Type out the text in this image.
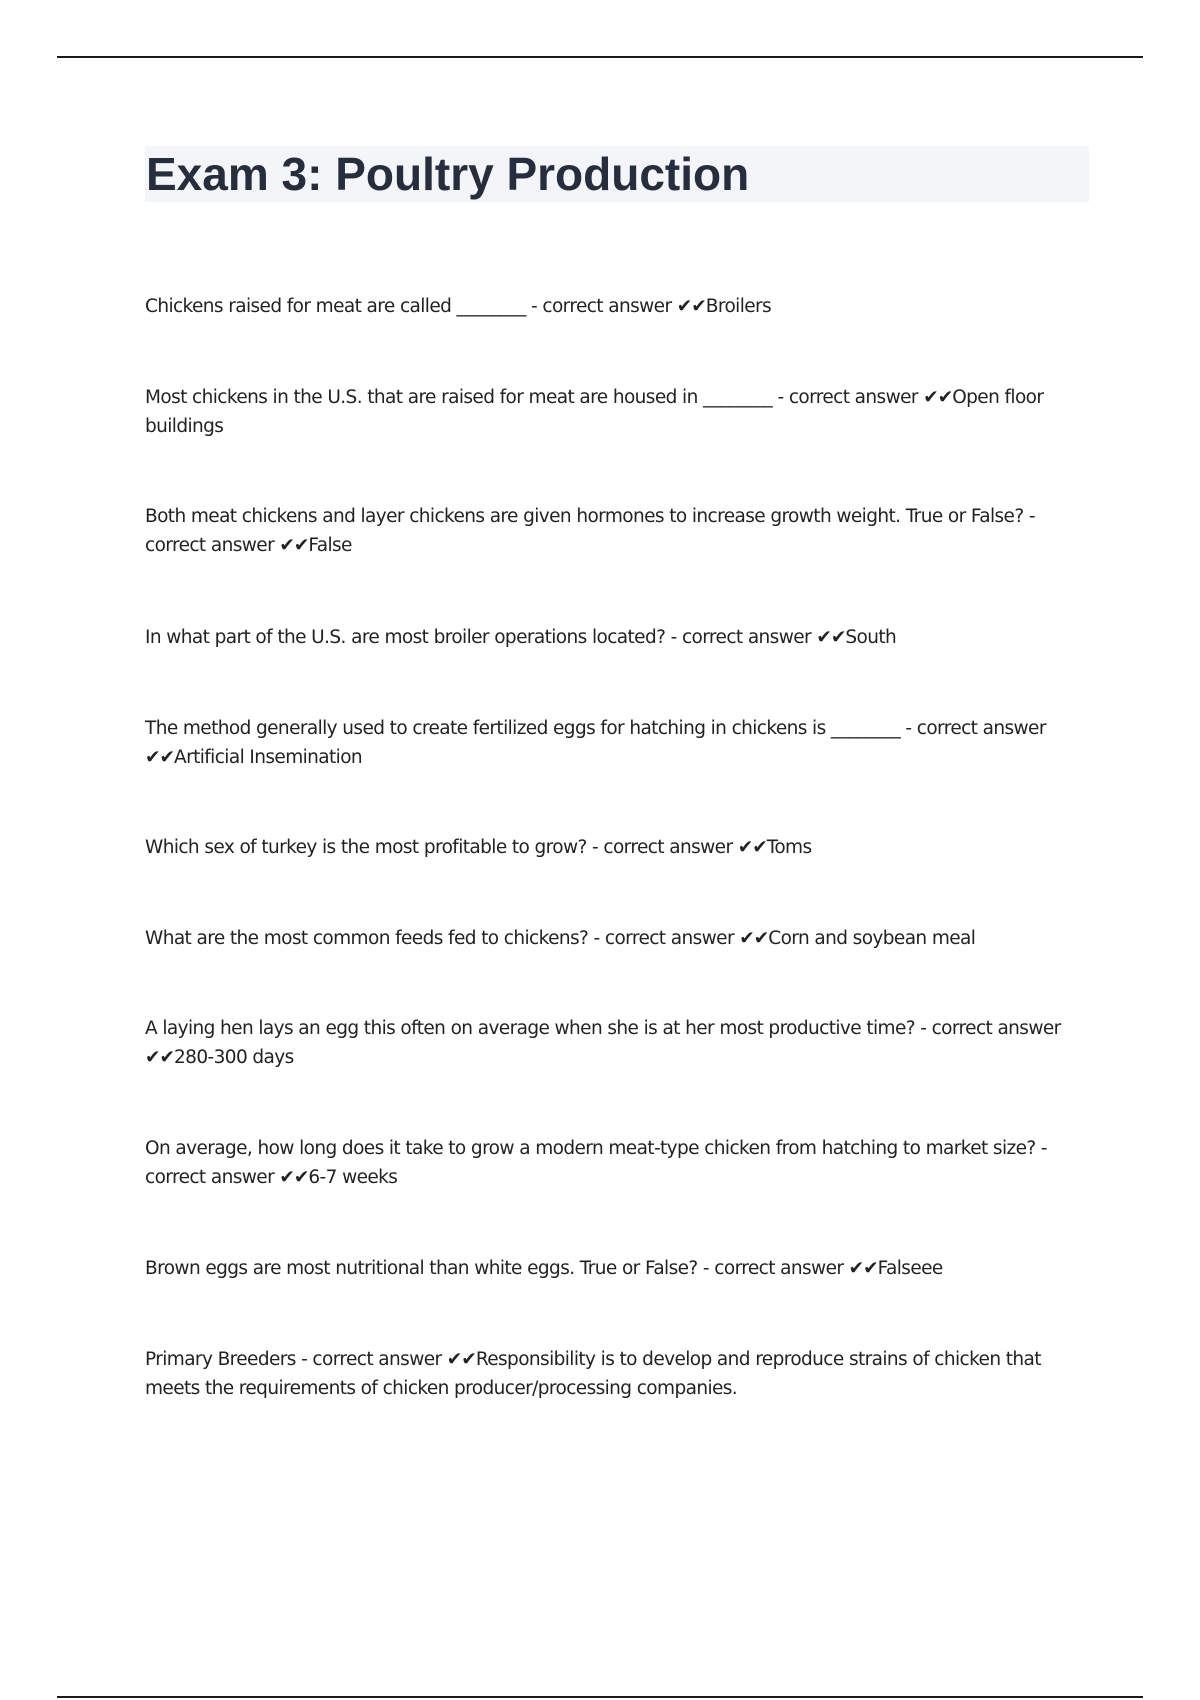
Exam 3: Poultry Production

Chickens raised for meat are called ________ - correct answer ✔✔Broilers

Most chickens in the U.S. that are raised for meat are housed in ________ - correct answer ✔✔Open floor buildings

Both meat chickens and layer chickens are given hormones to increase growth weight. True or False? - correct answer ✔✔False

In what part of the U.S. are most broiler operations located? - correct answer ✔✔South

The method generally used to create fertilized eggs for hatching in chickens is ________ - correct answer ✔✔Artificial Insemination

Which sex of turkey is the most profitable to grow? - correct answer ✔✔Toms

What are the most common feeds fed to chickens? - correct answer ✔✔Corn and soybean meal

A laying hen lays an egg this often on average when she is at her most productive time? - correct answer ✔✔280-300 days

On average, how long does it take to grow a modern meat-type chicken from hatching to market size? - correct answer ✔✔6-7 weeks

Brown eggs are most nutritional than white eggs. True or False? - correct answer ✔✔Falseee

Primary Breeders - correct answer ✔✔Responsibility is to develop and reproduce strains of chicken that meets the requirements of chicken producer/processing companies.
